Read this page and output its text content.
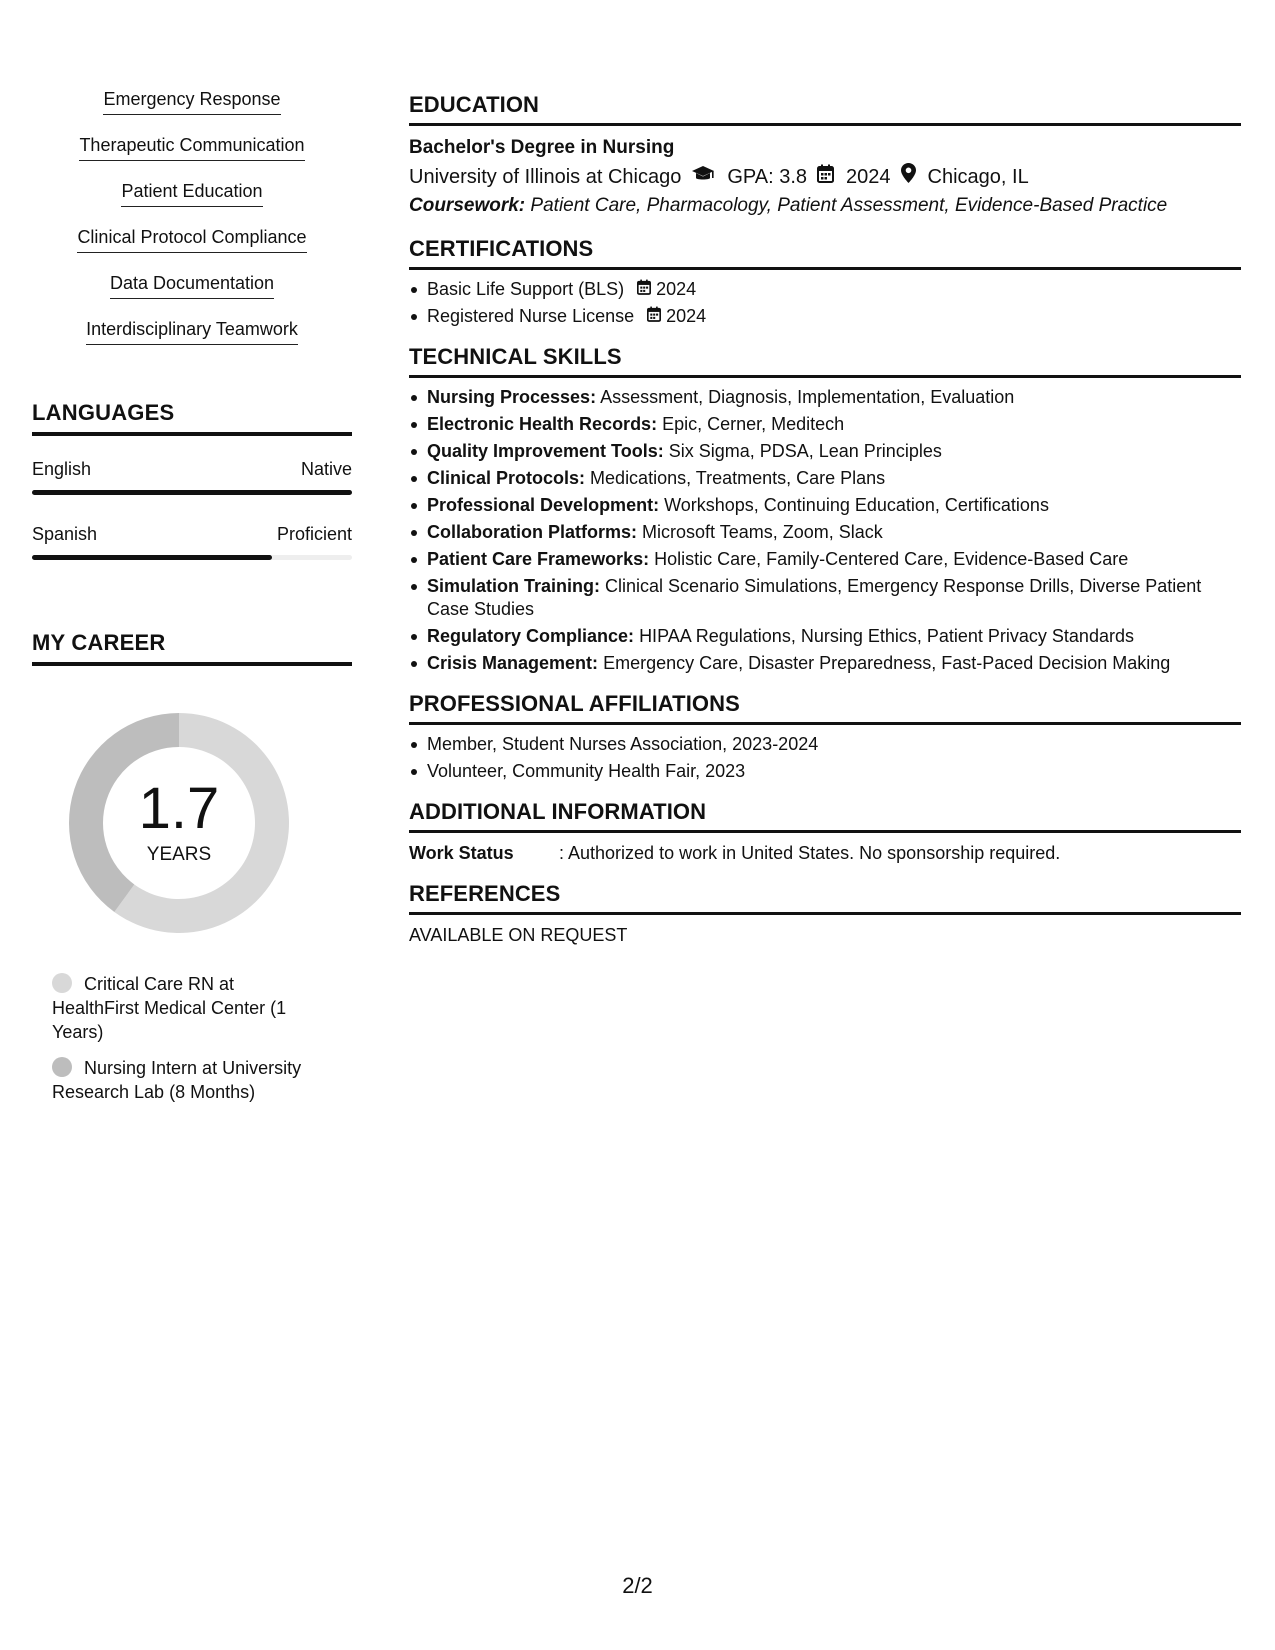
Emergency Response
Therapeutic Communication
Patient Education
Clinical Protocol Compliance
Data Documentation
Interdisciplinary Teamwork
LANGUAGES
English	Native
Spanish	Proficient
MY CAREER
1.7
YEARS
Critical Care RN at HealthFirst Medical Center (1 Years)
Nursing Intern at University Research Lab (8 Months)
EDUCATION
Bachelor's Degree in Nursing
University of Illinois at Chicago GPA: 3.8 2024 Chicago, IL
Coursework: Patient Care, Pharmacology, Patient Assessment, Evidence-Based Practice
CERTIFICATIONS
Basic Life Support (BLS) 2024
Registered Nurse License 2024
TECHNICAL SKILLS
Nursing Processes: Assessment, Diagnosis, Implementation, Evaluation
Electronic Health Records: Epic, Cerner, Meditech
Quality Improvement Tools: Six Sigma, PDSA, Lean Principles
Clinical Protocols: Medications, Treatments, Care Plans
Professional Development: Workshops, Continuing Education, Certifications
Collaboration Platforms: Microsoft Teams, Zoom, Slack
Patient Care Frameworks: Holistic Care, Family-Centered Care, Evidence-Based Care
Simulation Training: Clinical Scenario Simulations, Emergency Response Drills, Diverse Patient Case Studies
Regulatory Compliance: HIPAA Regulations, Nursing Ethics, Patient Privacy Standards
Crisis Management: Emergency Care, Disaster Preparedness, Fast-Paced Decision Making
PROFESSIONAL AFFILIATIONS
Member, Student Nurses Association, 2023-2024
Volunteer, Community Health Fair, 2023
ADDITIONAL INFORMATION
Work Status	: Authorized to work in United States. No sponsorship required.
REFERENCES
AVAILABLE ON REQUEST
2/2
